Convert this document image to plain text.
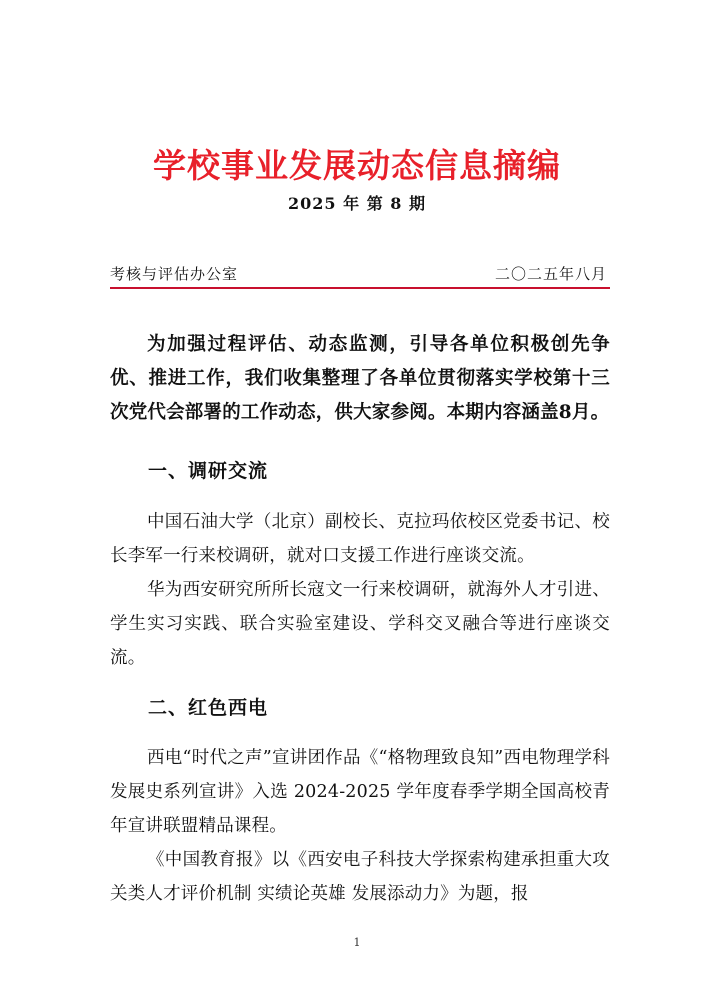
学校事业发展动态信息摘编
2025 年 第 8 期
考核与评估办公室	二〇二五年八月
为加强过程评估、动态监测，引导各单位积极创先争优、推进工作，我们收集整理了各单位贯彻落实学校第十三次党代会部署的工作动态，供大家参阅。本期内容涵盖8月。
一、调研交流
中国石油大学（北京）副校长、克拉玛依校区党委书记、校长李军一行来校调研，就对口支援工作进行座谈交流。
华为西安研究所所长寇文一行来校调研，就海外人才引进、学生实习实践、联合实验室建设、学科交叉融合等进行座谈交流。
二、红色西电
西电“时代之声”宣讲团作品《“格物理致良知”西电物理学科发展史系列宣讲》入选 2024-2025 学年度春季学期全国高校青年宣讲联盟精品课程。
《中国教育报》以《西安电子科技大学探索构建承担重大攻关类人才评价机制 实绩论英雄 发展添动力》为题，报
1
